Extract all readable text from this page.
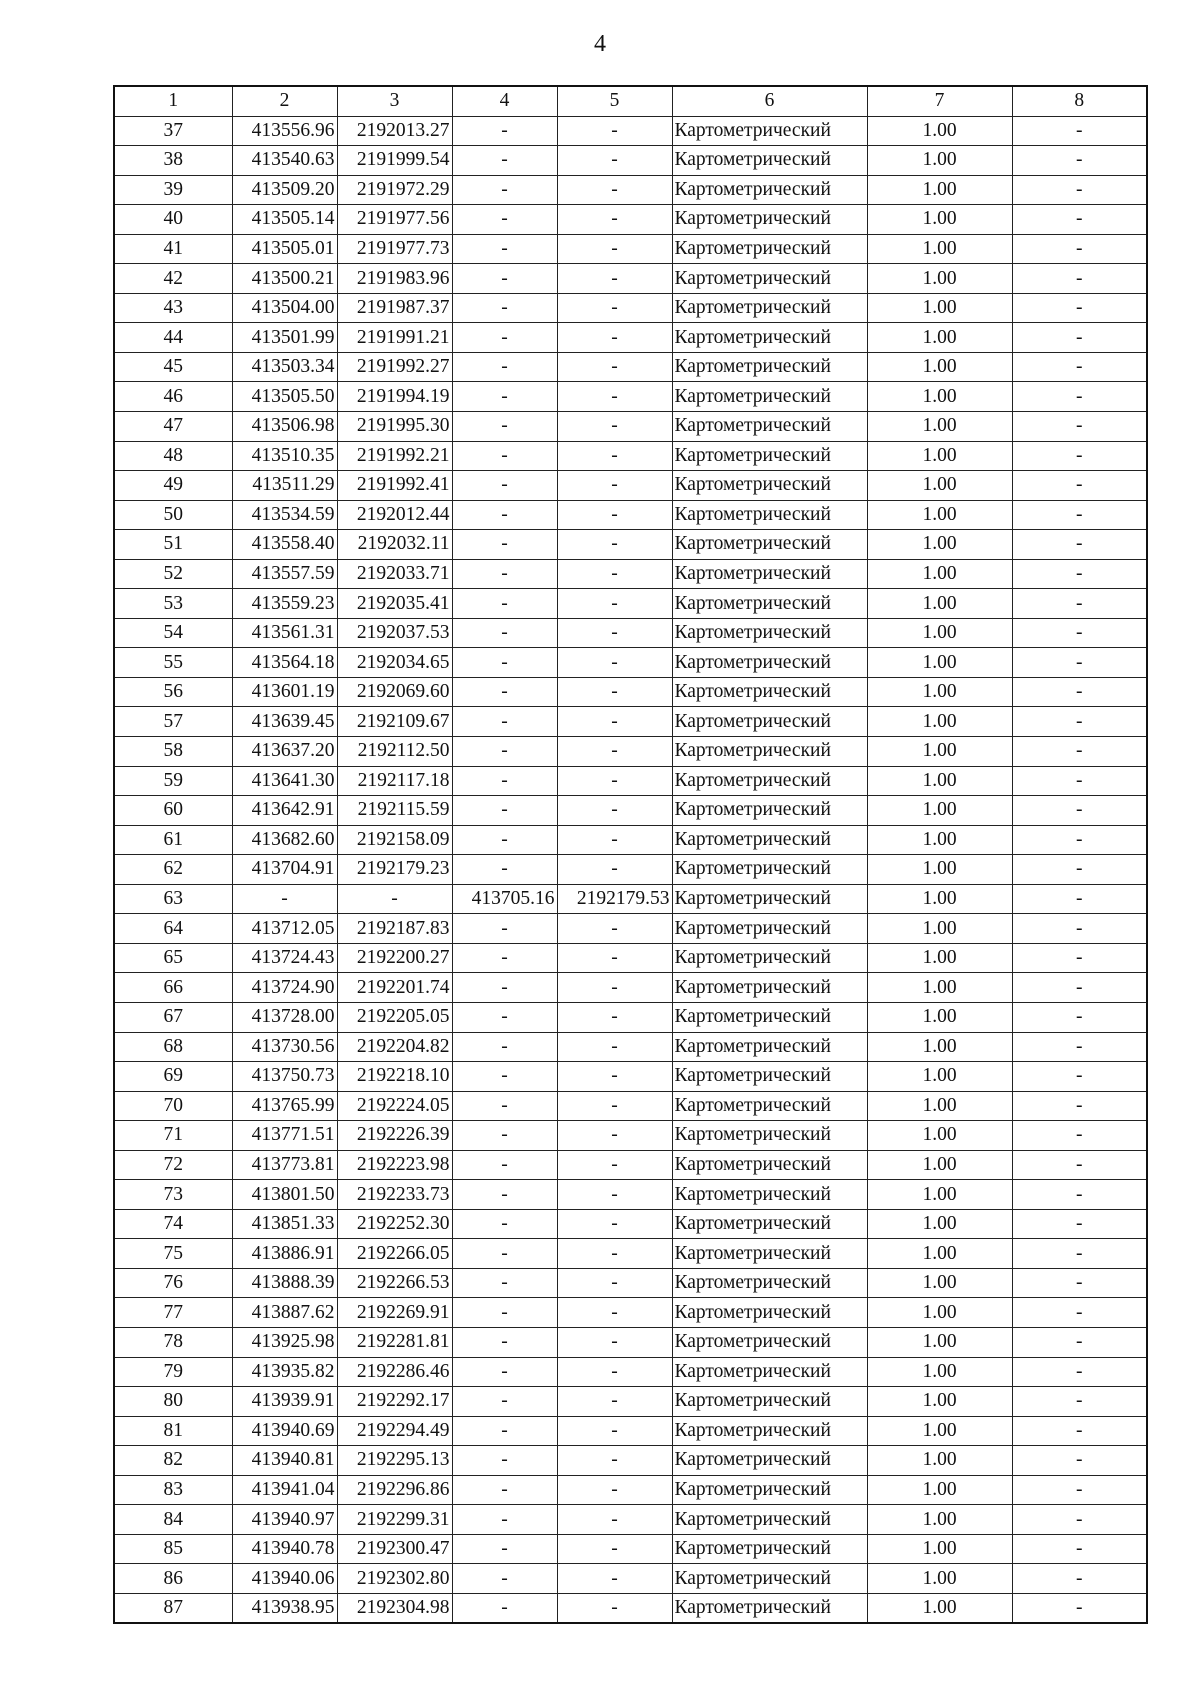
4
1	2	3	4	5	6	7	8
37	413556.96	2192013.27	-	-	Картометрический	1.00	-
38	413540.63	2191999.54	-	-	Картометрический	1.00	-
39	413509.20	2191972.29	-	-	Картометрический	1.00	-
40	413505.14	2191977.56	-	-	Картометрический	1.00	-
41	413505.01	2191977.73	-	-	Картометрический	1.00	-
42	413500.21	2191983.96	-	-	Картометрический	1.00	-
43	413504.00	2191987.37	-	-	Картометрический	1.00	-
44	413501.99	2191991.21	-	-	Картометрический	1.00	-
45	413503.34	2191992.27	-	-	Картометрический	1.00	-
46	413505.50	2191994.19	-	-	Картометрический	1.00	-
47	413506.98	2191995.30	-	-	Картометрический	1.00	-
48	413510.35	2191992.21	-	-	Картометрический	1.00	-
49	413511.29	2191992.41	-	-	Картометрический	1.00	-
50	413534.59	2192012.44	-	-	Картометрический	1.00	-
51	413558.40	2192032.11	-	-	Картометрический	1.00	-
52	413557.59	2192033.71	-	-	Картометрический	1.00	-
53	413559.23	2192035.41	-	-	Картометрический	1.00	-
54	413561.31	2192037.53	-	-	Картометрический	1.00	-
55	413564.18	2192034.65	-	-	Картометрический	1.00	-
56	413601.19	2192069.60	-	-	Картометрический	1.00	-
57	413639.45	2192109.67	-	-	Картометрический	1.00	-
58	413637.20	2192112.50	-	-	Картометрический	1.00	-
59	413641.30	2192117.18	-	-	Картометрический	1.00	-
60	413642.91	2192115.59	-	-	Картометрический	1.00	-
61	413682.60	2192158.09	-	-	Картометрический	1.00	-
62	413704.91	2192179.23	-	-	Картометрический	1.00	-
63	-	-	413705.16	2192179.53	Картометрический	1.00	-
64	413712.05	2192187.83	-	-	Картометрический	1.00	-
65	413724.43	2192200.27	-	-	Картометрический	1.00	-
66	413724.90	2192201.74	-	-	Картометрический	1.00	-
67	413728.00	2192205.05	-	-	Картометрический	1.00	-
68	413730.56	2192204.82	-	-	Картометрический	1.00	-
69	413750.73	2192218.10	-	-	Картометрический	1.00	-
70	413765.99	2192224.05	-	-	Картометрический	1.00	-
71	413771.51	2192226.39	-	-	Картометрический	1.00	-
72	413773.81	2192223.98	-	-	Картометрический	1.00	-
73	413801.50	2192233.73	-	-	Картометрический	1.00	-
74	413851.33	2192252.30	-	-	Картометрический	1.00	-
75	413886.91	2192266.05	-	-	Картометрический	1.00	-
76	413888.39	2192266.53	-	-	Картометрический	1.00	-
77	413887.62	2192269.91	-	-	Картометрический	1.00	-
78	413925.98	2192281.81	-	-	Картометрический	1.00	-
79	413935.82	2192286.46	-	-	Картометрический	1.00	-
80	413939.91	2192292.17	-	-	Картометрический	1.00	-
81	413940.69	2192294.49	-	-	Картометрический	1.00	-
82	413940.81	2192295.13	-	-	Картометрический	1.00	-
83	413941.04	2192296.86	-	-	Картометрический	1.00	-
84	413940.97	2192299.31	-	-	Картометрический	1.00	-
85	413940.78	2192300.47	-	-	Картометрический	1.00	-
86	413940.06	2192302.80	-	-	Картометрический	1.00	-
87	413938.95	2192304.98	-	-	Картометрический	1.00	-
